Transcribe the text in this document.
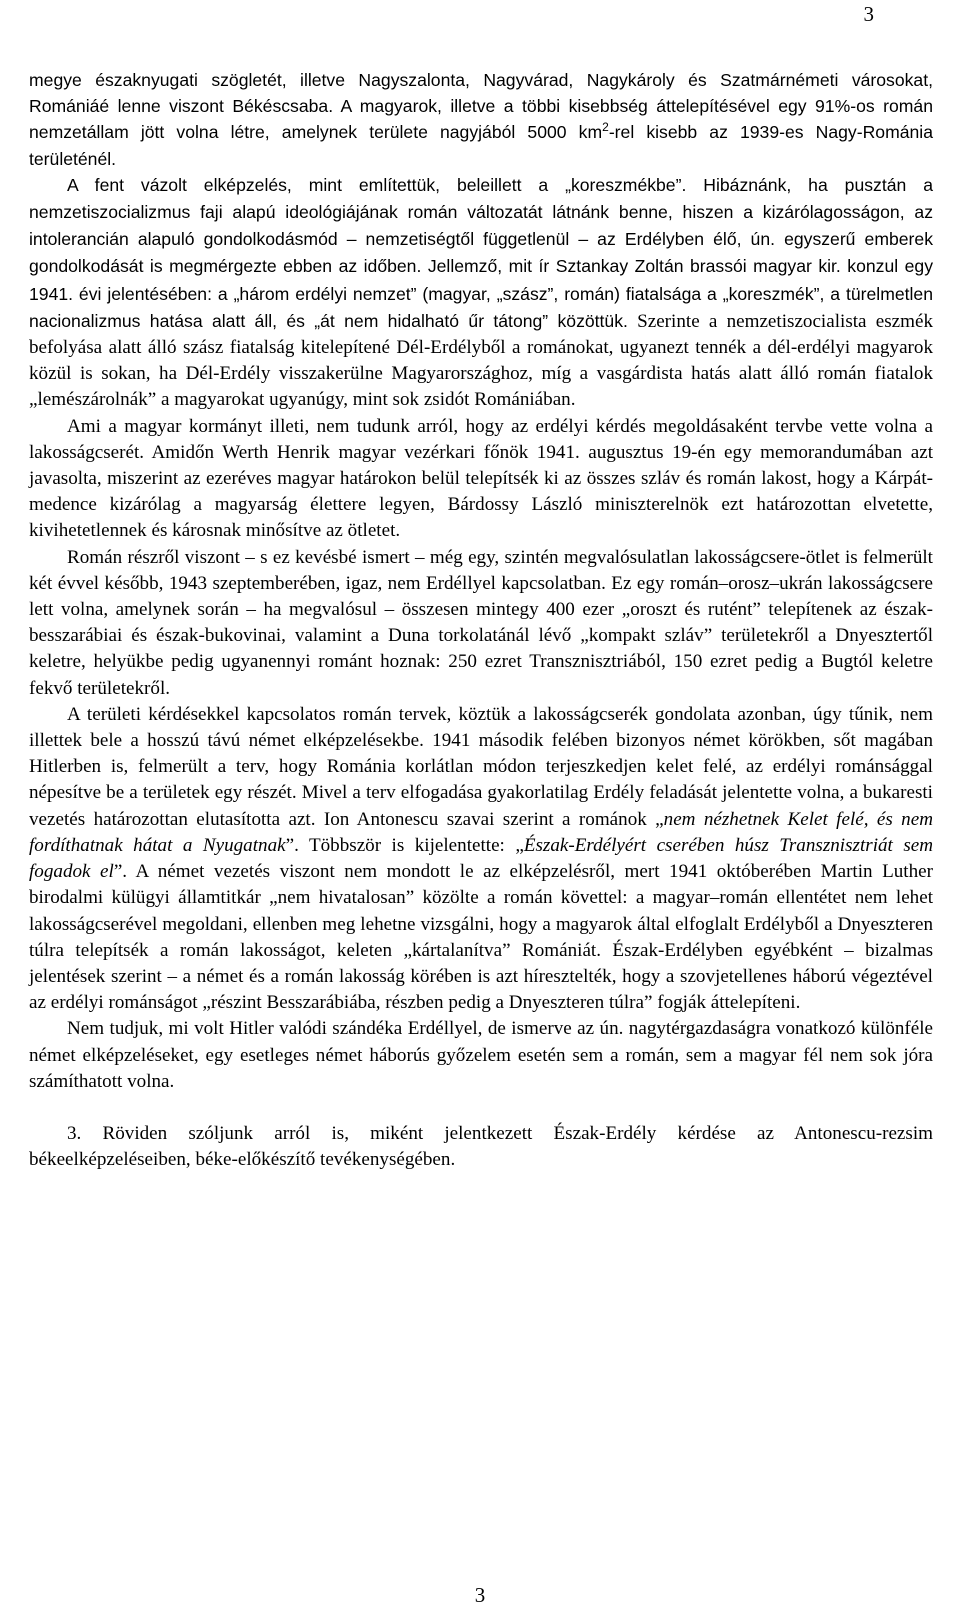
3

megye északnyugati szögletét, illetve Nagyszalonta, Nagyvárad, Nagykároly és Szatmárnémeti városokat, Romániáé lenne viszont Békéscsaba. A magyarok, illetve a többi kisebbség áttelepítésével egy 91%-os román nemzetállam jött volna létre, amelynek területe nagyjából 5000 $km^2$-rel kisebb az 1939-es Nagy-Románia területénél.

A fent vázolt elképzelés, mint említettük, beleillett a „koreszmékbe”. Hibáznánk, ha pusztán a nemzetiszocializmus faji alapú ideológiájának román változatát látnánk benne, hiszen a kizárólagosságon, az intolerancián alapuló gondolkodásmód – nemzetiségtől függetlenül – az Erdélyben élő, ún. egyszerű emberek gondolkodását is megmérgezte ebben az időben. Jellemző, mit ír Sztankay Zoltán brassói magyar kir. konzul egy 1941. évi jelentésében: a „három erdélyi nemzet” (magyar, „szász”, román) fiatalsága a „koreszmék”, a türelmetlen nacionalizmus hatása alatt áll, és „át nem hidalható űr tátong” közöttük. Szerinte a nemzetiszocialista eszmék befolyása alatt álló szász fiatalság kitelepítené Dél-Erdélyből a románokat, ugyanezt tennék a dél-erdélyi magyarok közül is sokan, ha Dél-Erdély visszakerülne Magyarországhoz, míg a vasgárdista hatás alatt álló román fiatalok „lemészárolnák” a magyarokat ugyanúgy, mint sok zsidót Romániában.

Ami a magyar kormányt illeti, nem tudunk arról, hogy az erdélyi kérdés megoldásaként tervbe vette volna a lakosságcserét. Amidőn Werth Henrik magyar vezérkari főnök 1941. augusztus 19-én egy memorandumában azt javasolta, miszerint az ezeréves magyar határokon belül telepítsék ki az összes szláv és román lakost, hogy a Kárpát-medence kizárólag a magyarság élettere legyen, Bárdossy László miniszterelnök ezt határozottan elvetette, kivihetetlennek és károsnak minősítve az ötletet.

Román részről viszont – s ez kevésbé ismert – még egy, szintén megvalósulatlan lakosságcsere-ötlet is felmerült két évvel később, 1943 szeptemberében, igaz, nem Erdéllyel kapcsolatban. Ez egy román–orosz–ukrán lakosságcsere lett volna, amelynek során – ha megvalósul – összesen mintegy 400 ezer „oroszt és rutént” telepítenek az észak-besszarábiai és észak-bukovinai, valamint a Duna torkolatánál lévő „kompakt szláv” területekről a Dnyesztertől keletre, helyükbe pedig ugyanennyi románt hoznak: 250 ezret Transznisztriából, 150 ezret pedig a Bugtól keletre fekvő területekről.

A területi kérdésekkel kapcsolatos román tervek, köztük a lakosságcserék gondolata azonban, úgy tűnik, nem illettek bele a hosszú távú német elképzelésekbe. 1941 második felében bizonyos német körökben, sőt magában Hitlerben is, felmerült a terv, hogy Románia korlátlan módon terjeszkedjen kelet felé, az erdélyi románsággal népesítve be a területek egy részét. Mivel a terv elfogadása gyakorlatilag Erdély feladását jelentette volna, a bukaresti vezetés határozottan elutasította azt. Ion Antonescu szavai szerint a románok „nem nézhetnek Kelet felé, és nem fordíthatnak hátat a Nyugatnak”. Többször is kijelentette: „Észak-Erdélyért cserében húsz Transznisztriát sem fogadok el”. A német vezetés viszont nem mondott le az elképzelésről, mert 1941 októberében Martin Luther birodalmi külügyi államtitkár „nem hivatalosan” közölte a román követtel: a magyar–román ellentétet nem lehet lakosságcserével megoldani, ellenben meg lehetne vizsgálni, hogy a magyarok által elfoglalt Erdélyből a Dnyeszteren túlra telepítsék a román lakosságot, keleten „kártalanítva” Romániát. Észak-Erdélyben egyébként – bizalmas jelentések szerint – a német és a román lakosság körében is azt híresztelték, hogy a szovjetellenes háború végeztével az erdélyi románságot „részint Besszarábiába, részben pedig a Dnyeszteren túlra” fogják áttelepíteni.

Nem tudjuk, mi volt Hitler valódi szándéka Erdéllyel, de ismerve az ún. nagytérgazdaságra vonatkozó különféle német elképzeléseket, egy esetleges német háborús győzelem esetén sem a román, sem a magyar fél nem sok jóra számíthatott volna.

3. Röviden szóljunk arról is, miként jelentkezett Észak-Erdély kérdése az Antonescu-rezsim békeelképzeléseiben, béke-előkészítő tevékenységében.

3
